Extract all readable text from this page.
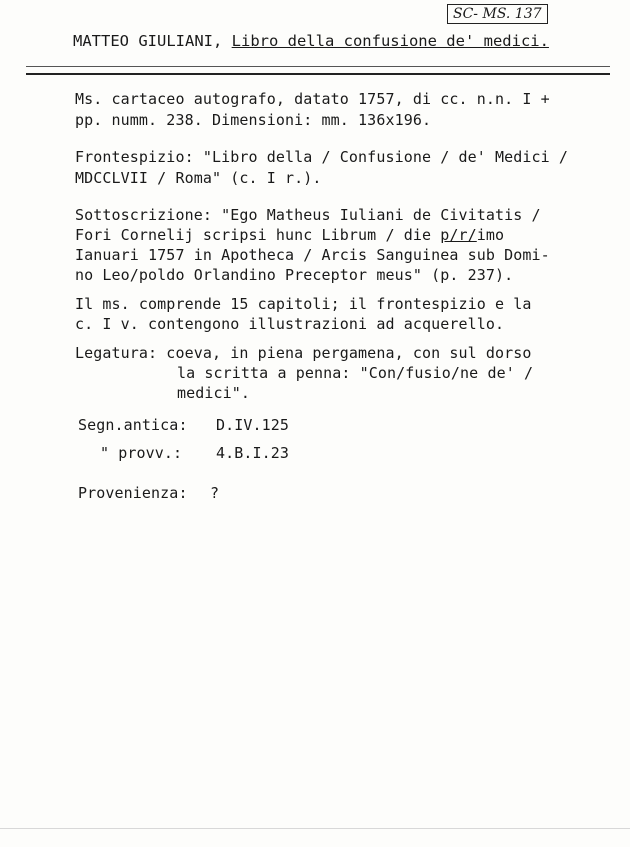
SC- MS. 137
MATTEO GIULIANI, Libro della confusione de' medici.
Ms. cartaceo autografo, datato 1757, di cc. n.n. I +
pp. numm. 238. Dimensioni: mm. 136x196.
Frontespizio: "Libro della / Confusione / de' Medici /
MDCCLVII / Roma" (c. I r.).
Sottoscrizione: "Ego Matheus Iuliani de Civitatis /
Fori Cornelij scripsi hunc Librum / die p/r/imo
Ianuari 1757 in Apotheca / Arcis Sanguinea sub Domi-
no Leo/poldo Orlandino Preceptor meus" (p. 237).
Il ms. comprende 15 capitoli; il frontespizio e la
c. I v. contengono illustrazioni ad acquerello.
Legatura: coeva, in piena pergamena, con sul dorso
la scritta a penna: "Con/fusio/ne de' /
medici".
Segn.antica: D.IV.125
" provv.: 4.B.I.23
Provenienza: ?
